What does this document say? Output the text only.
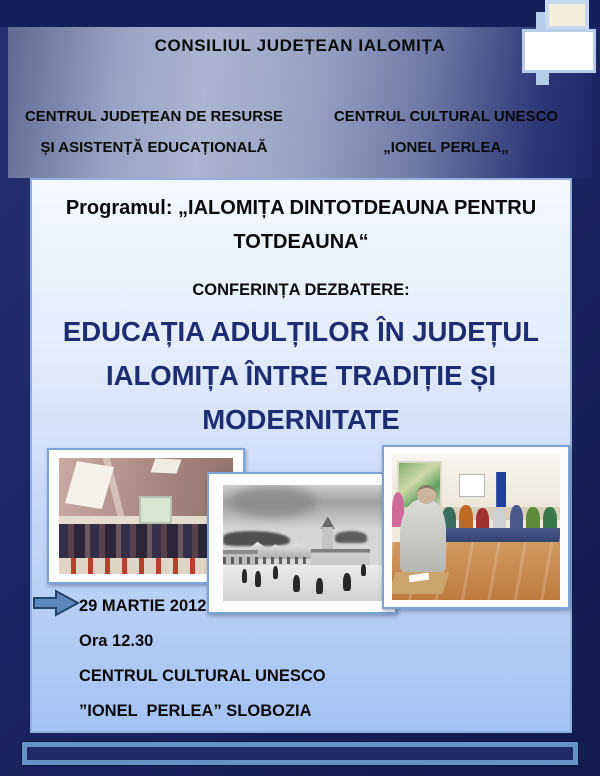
CONSILIUL JUDEȚEAN IALOMIȚA
CENTRUL JUDEȚEAN DE RESURSE
ȘI ASISTENȚĂ EDUCAȚIONALĂ
CENTRUL CULTURAL UNESCO
„IONEL PERLEA„
Programul: „IALOMIȚA DINTOTDEAUNA PENTRU
TOTDEAUNA“
CONFERINȚA DEZBATERE:
EDUCAȚIA ADULȚILOR ÎN JUDEȚUL
IALOMIȚA ÎNTRE TRADIȚIE ȘI
MODERNITATE
29 MARTIE 2012
Ora 12.30
CENTRUL CULTURAL UNESCO
”IONEL  PERLEA” SLOBOZIA
